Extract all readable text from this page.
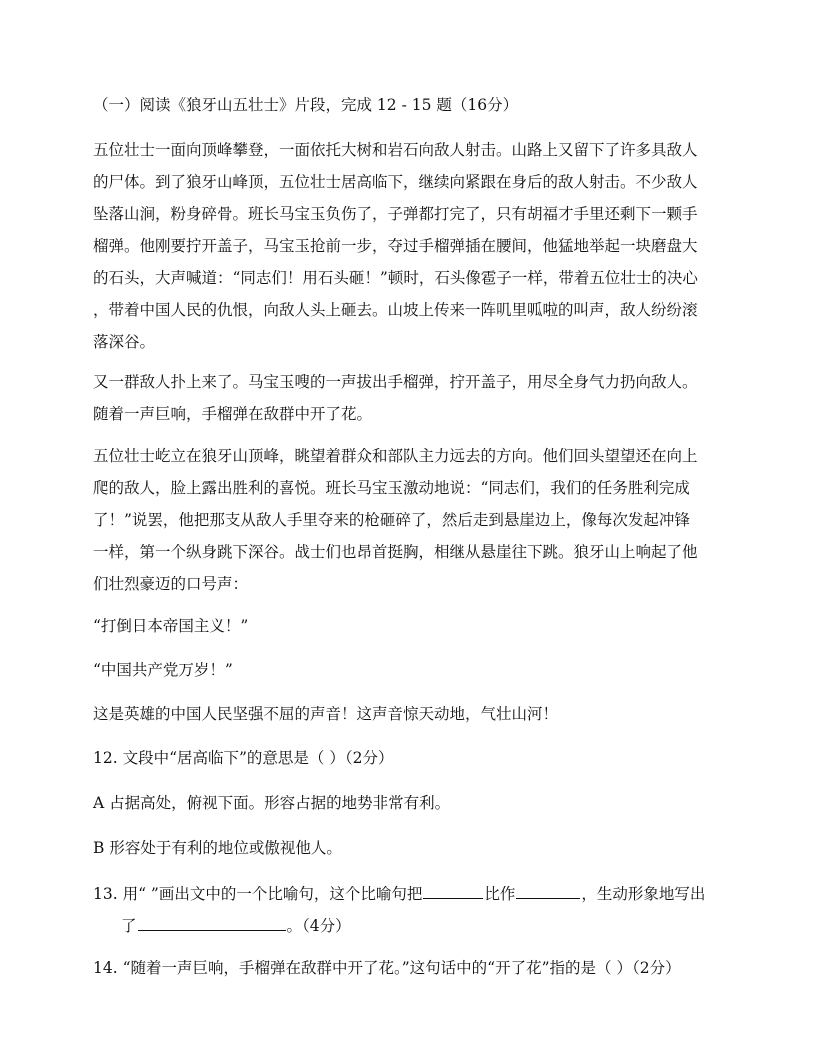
（一）阅读《狼牙山五壮士》片段，完成 12 - 15 题（16分）
五位壮士一面向顶峰攀登，一面依托大树和岩石向敌人射击。山路上又留下了许多具敌人
的尸体。到了狼牙山峰顶，五位壮士居高临下，继续向紧跟在身后的敌人射击。不少敌人
坠落山涧，粉身碎骨。班长马宝玉负伤了，子弹都打完了，只有胡福才手里还剩下一颗手
榴弹。他刚要拧开盖子，马宝玉抢前一步，夺过手榴弹插在腰间，他猛地举起一块磨盘大
的石头，大声喊道：“同志们！用石头砸！”顿时，石头像雹子一样，带着五位壮士的决心
，带着中国人民的仇恨，向敌人头上砸去。山坡上传来一阵叽里呱啦的叫声，敌人纷纷滚
落深谷。
又一群敌人扑上来了。马宝玉嗖的一声拔出手榴弹，拧开盖子，用尽全身气力扔向敌人。
随着一声巨响，手榴弹在敌群中开了花。
五位壮士屹立在狼牙山顶峰，眺望着群众和部队主力远去的方向。他们回头望望还在向上
爬的敌人，脸上露出胜利的喜悦。班长马宝玉激动地说：“同志们，我们的任务胜利完成
了！”说罢，他把那支从敌人手里夺来的枪砸碎了，然后走到悬崖边上，像每次发起冲锋
一样，第一个纵身跳下深谷。战士们也昂首挺胸，相继从悬崖往下跳。狼牙山上响起了他
们壮烈豪迈的口号声：
“打倒日本帝国主义！”
“中国共产党万岁！”
这是英雄的中国人民坚强不屈的声音！这声音惊天动地，气壮山河！
12. 文段中“居高临下”的意思是（ ）（2分）
A 占据高处，俯视下面。形容占据的地势非常有利。
B 形容处于有利的地位或傲视他人。
13. 用“ ”画出文中的一个比喻句，这个比喻句把	比作	，生动形象地写出
了	。（4分）
14. “随着一声巨响，手榴弹在敌群中开了花。”这句话中的“开了花”指的是（ ）（2分）
